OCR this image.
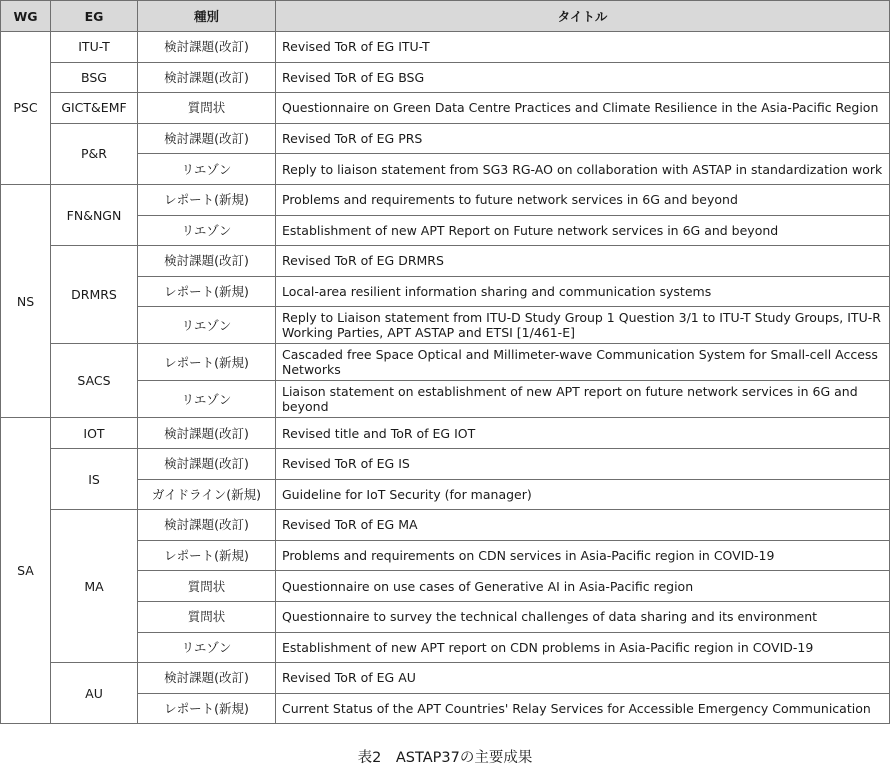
WG	EG	種別	タイトル
PSC	ITU-T	検討課題(改訂)	Revised ToR of EG ITU-T
	BSG	検討課題(改訂)	Revised ToR of EG BSG
	GICT&EMF	質問状	Questionnaire on Green Data Centre Practices and Climate Resilience in the Asia-Pacific Region
	P&R	検討課題(改訂)	Revised ToR of EG PRS
		リエゾン	Reply to liaison statement from SG3 RG-AO on collaboration with ASTAP in standardization work
NS	FN&NGN	レポート(新規)	Problems and requirements to future network services in 6G and beyond
		リエゾン	Establishment of new APT Report on Future network services in 6G and beyond
	DRMRS	検討課題(改訂)	Revised ToR of EG DRMRS
		レポート(新規)	Local-area resilient information sharing and communication systems
		リエゾン	Reply to Liaison statement from ITU-D Study Group 1 Question 3/1 to ITU-T Study Groups, ITU-R Working Parties, APT ASTAP and ETSI [1/461-E]
	SACS	レポート(新規)	Cascaded free Space Optical and Millimeter-wave Communication System for Small-cell Access Networks
		リエゾン	Liaison statement on establishment of new APT report on future network services in 6G and beyond
SA	IOT	検討課題(改訂)	Revised title and ToR of EG IOT
	IS	検討課題(改訂)	Revised ToR of EG IS
		ガイドライン(新規)	Guideline for IoT Security (for manager)
	MA	検討課題(改訂)	Revised ToR of EG MA
		レポート(新規)	Problems and requirements on CDN services in Asia-Pacific region in COVID-19
		質問状	Questionnaire on use cases of Generative AI in Asia-Pacific region
		質問状	Questionnaire to survey the technical challenges of data sharing and its environment
		リエゾン	Establishment of new APT report on CDN problems in Asia-Pacific region in COVID-19
	AU	検討課題(改訂)	Revised ToR of EG AU
		レポート(新規)	Current Status of the APT Countries' Relay Services for Accessible Emergency Communication
表2　ASTAP37の主要成果
